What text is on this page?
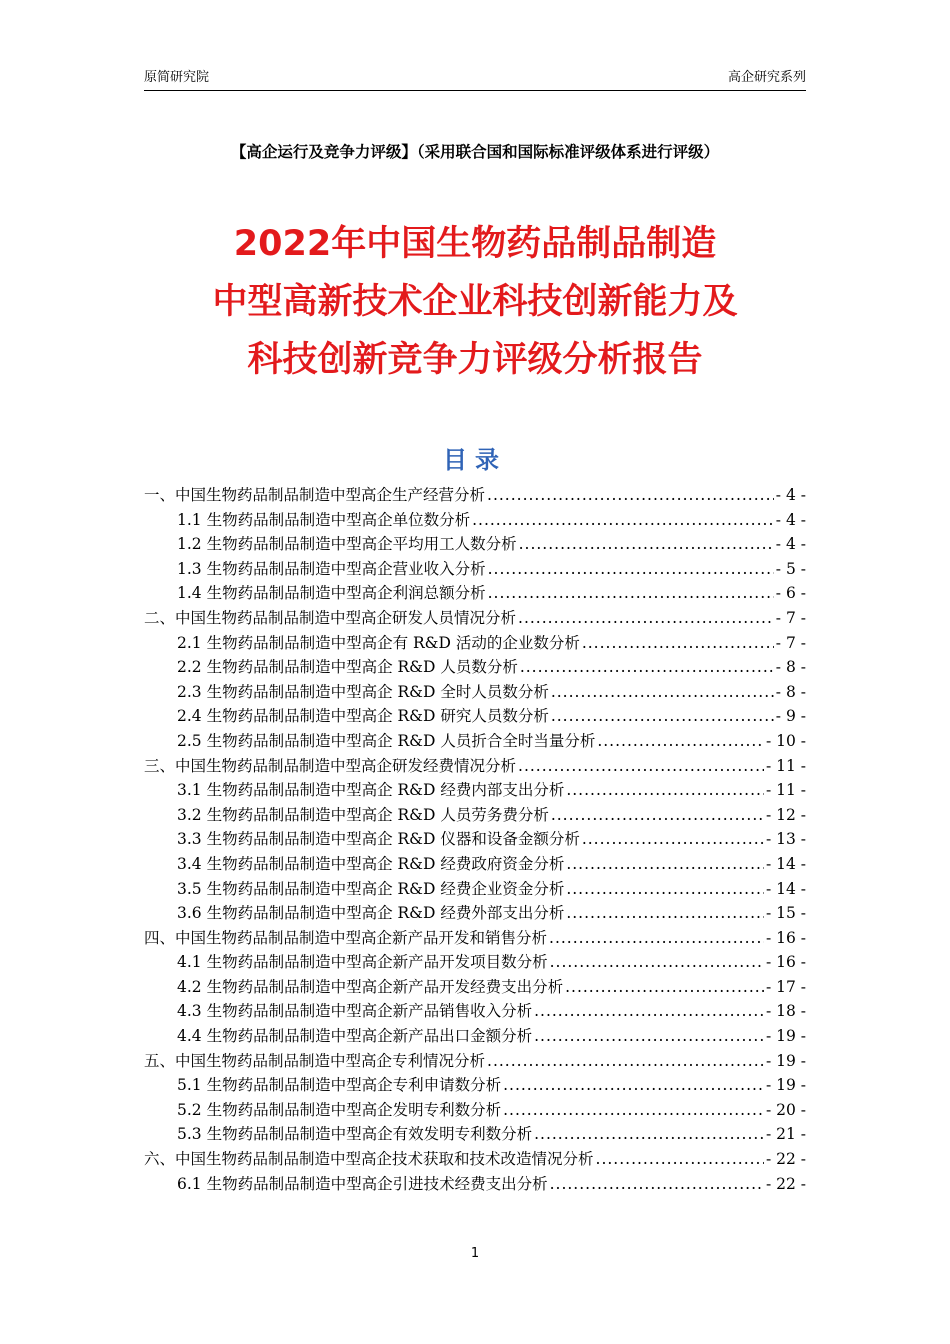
原简研究院	高企研究系列
【高企运行及竞争力评级】（采用联合国和国际标准评级体系进行评级）
2022年中国生物药品制品制造
中型高新技术企业科技创新能力及
科技创新竞争力评级分析报告
目录
一、中国生物药品制品制造中型高企生产经营分析 .....	- 4 -
1.1 生物药品制品制造中型高企单位数分析 .....	- 4 -
1.2 生物药品制品制造中型高企平均用工人数分析 .....	- 4 -
1.3 生物药品制品制造中型高企营业收入分析 .....	- 5 -
1.4 生物药品制品制造中型高企利润总额分析 .....	- 6 -
二、中国生物药品制品制造中型高企研发人员情况分析 .....	- 7 -
2.1 生物药品制品制造中型高企有 R&D 活动的企业数分析 .....	- 7 -
2.2 生物药品制品制造中型高企 R&D 人员数分析 .....	- 8 -
2.3 生物药品制品制造中型高企 R&D 全时人员数分析 .....	- 8 -
2.4 生物药品制品制造中型高企 R&D 研究人员数分析 .....	- 9 -
2.5 生物药品制品制造中型高企 R&D 人员折合全时当量分析 .....	- 10 -
三、中国生物药品制品制造中型高企研发经费情况分析 .....	- 11 -
3.1 生物药品制品制造中型高企 R&D 经费内部支出分析 .....	- 11 -
3.2 生物药品制品制造中型高企 R&D 人员劳务费分析 .....	- 12 -
3.3 生物药品制品制造中型高企 R&D 仪器和设备金额分析 .....	- 13 -
3.4 生物药品制品制造中型高企 R&D 经费政府资金分析 .....	- 14 -
3.5 生物药品制品制造中型高企 R&D 经费企业资金分析 .....	- 14 -
3.6 生物药品制品制造中型高企 R&D 经费外部支出分析 .....	- 15 -
四、中国生物药品制品制造中型高企新产品开发和销售分析 .....	- 16 -
4.1 生物药品制品制造中型高企新产品开发项目数分析 .....	- 16 -
4.2 生物药品制品制造中型高企新产品开发经费支出分析 .....	- 17 -
4.3 生物药品制品制造中型高企新产品销售收入分析 .....	- 18 -
4.4 生物药品制品制造中型高企新产品出口金额分析 .....	- 19 -
五、中国生物药品制品制造中型高企专利情况分析 .....	- 19 -
5.1 生物药品制品制造中型高企专利申请数分析 .....	- 19 -
5.2 生物药品制品制造中型高企发明专利数分析 .....	- 20 -
5.3 生物药品制品制造中型高企有效发明专利数分析 .....	- 21 -
六、中国生物药品制品制造中型高企技术获取和技术改造情况分析 .....	- 22 -
6.1 生物药品制品制造中型高企引进技术经费支出分析 .....	- 22 -
1
